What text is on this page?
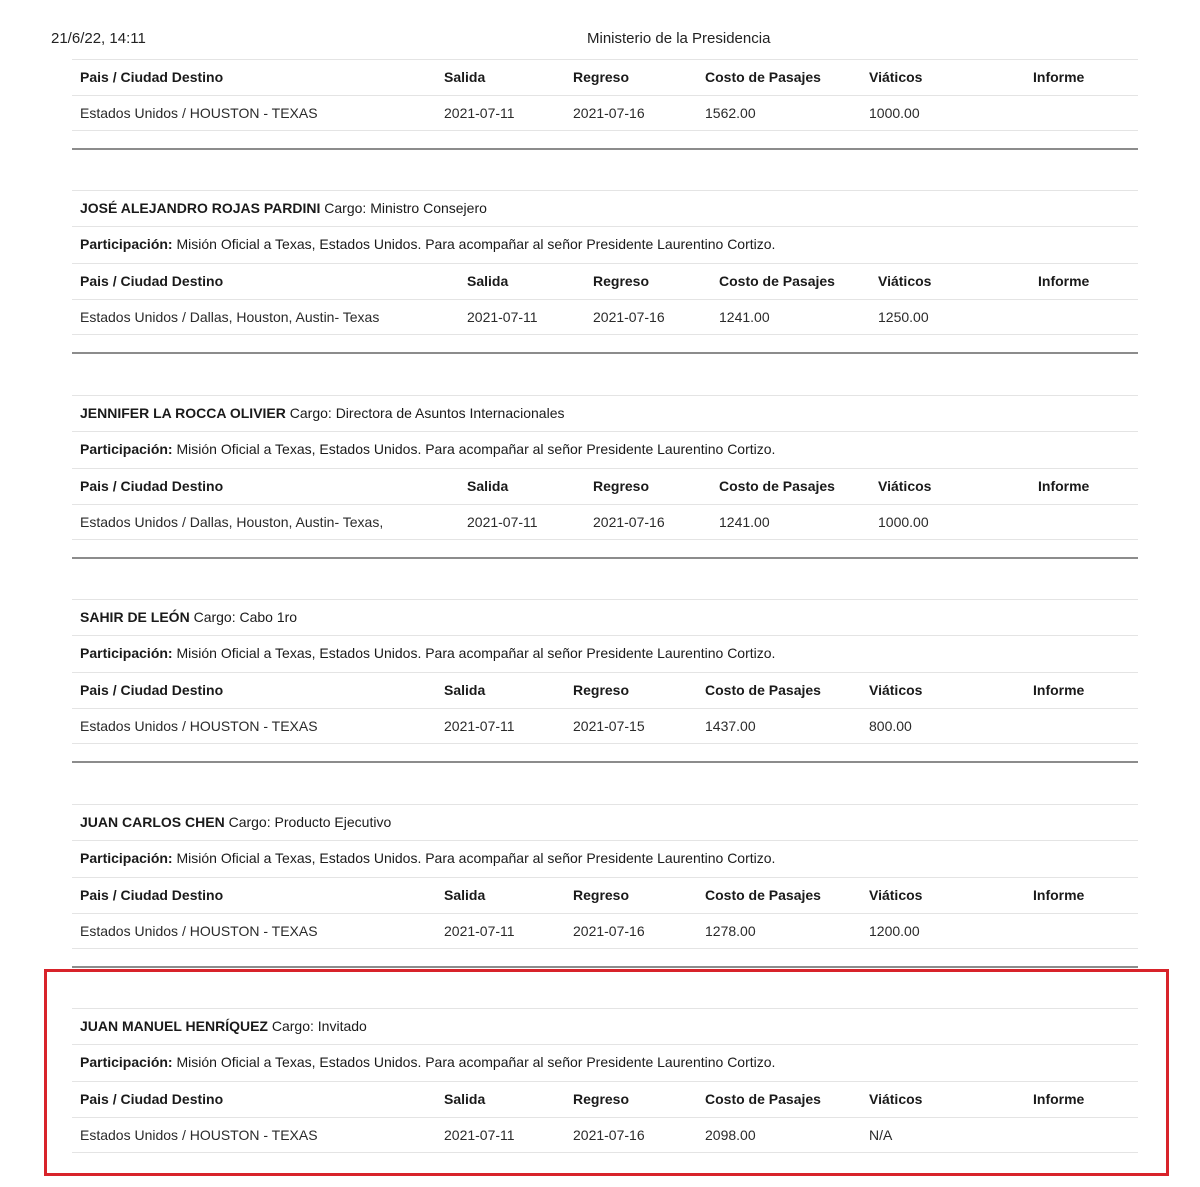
21/6/22, 14:11	Ministerio de la Presidencia
Pais / Ciudad Destino	Salida	Regreso	Costo de Pasajes	Viáticos	Informe
Estados Unidos / HOUSTON - TEXAS	2021-07-11	2021-07-16	1562.00	1000.00
JOSÉ ALEJANDRO ROJAS PARDINI Cargo: Ministro Consejero
Participación: Misión Oficial a Texas, Estados Unidos. Para acompañar al señor Presidente Laurentino Cortizo.
Pais / Ciudad Destino	Salida	Regreso	Costo de Pasajes	Viáticos	Informe
Estados Unidos / Dallas, Houston, Austin- Texas	2021-07-11	2021-07-16	1241.00	1250.00
JENNIFER LA ROCCA OLIVIER Cargo: Directora de Asuntos Internacionales
Participación: Misión Oficial a Texas, Estados Unidos. Para acompañar al señor Presidente Laurentino Cortizo.
Pais / Ciudad Destino	Salida	Regreso	Costo de Pasajes	Viáticos	Informe
Estados Unidos / Dallas, Houston, Austin- Texas,	2021-07-11	2021-07-16	1241.00	1000.00
SAHIR DE LEÓN Cargo: Cabo 1ro
Participación: Misión Oficial a Texas, Estados Unidos. Para acompañar al señor Presidente Laurentino Cortizo.
Pais / Ciudad Destino	Salida	Regreso	Costo de Pasajes	Viáticos	Informe
Estados Unidos / HOUSTON - TEXAS	2021-07-11	2021-07-15	1437.00	800.00
JUAN CARLOS CHEN Cargo: Producto Ejecutivo
Participación: Misión Oficial a Texas, Estados Unidos. Para acompañar al señor Presidente Laurentino Cortizo.
Pais / Ciudad Destino	Salida	Regreso	Costo de Pasajes	Viáticos	Informe
Estados Unidos / HOUSTON - TEXAS	2021-07-11	2021-07-16	1278.00	1200.00
JUAN MANUEL HENRÍQUEZ Cargo: Invitado
Participación: Misión Oficial a Texas, Estados Unidos. Para acompañar al señor Presidente Laurentino Cortizo.
Pais / Ciudad Destino	Salida	Regreso	Costo de Pasajes	Viáticos	Informe
Estados Unidos / HOUSTON - TEXAS	2021-07-11	2021-07-16	2098.00	N/A
